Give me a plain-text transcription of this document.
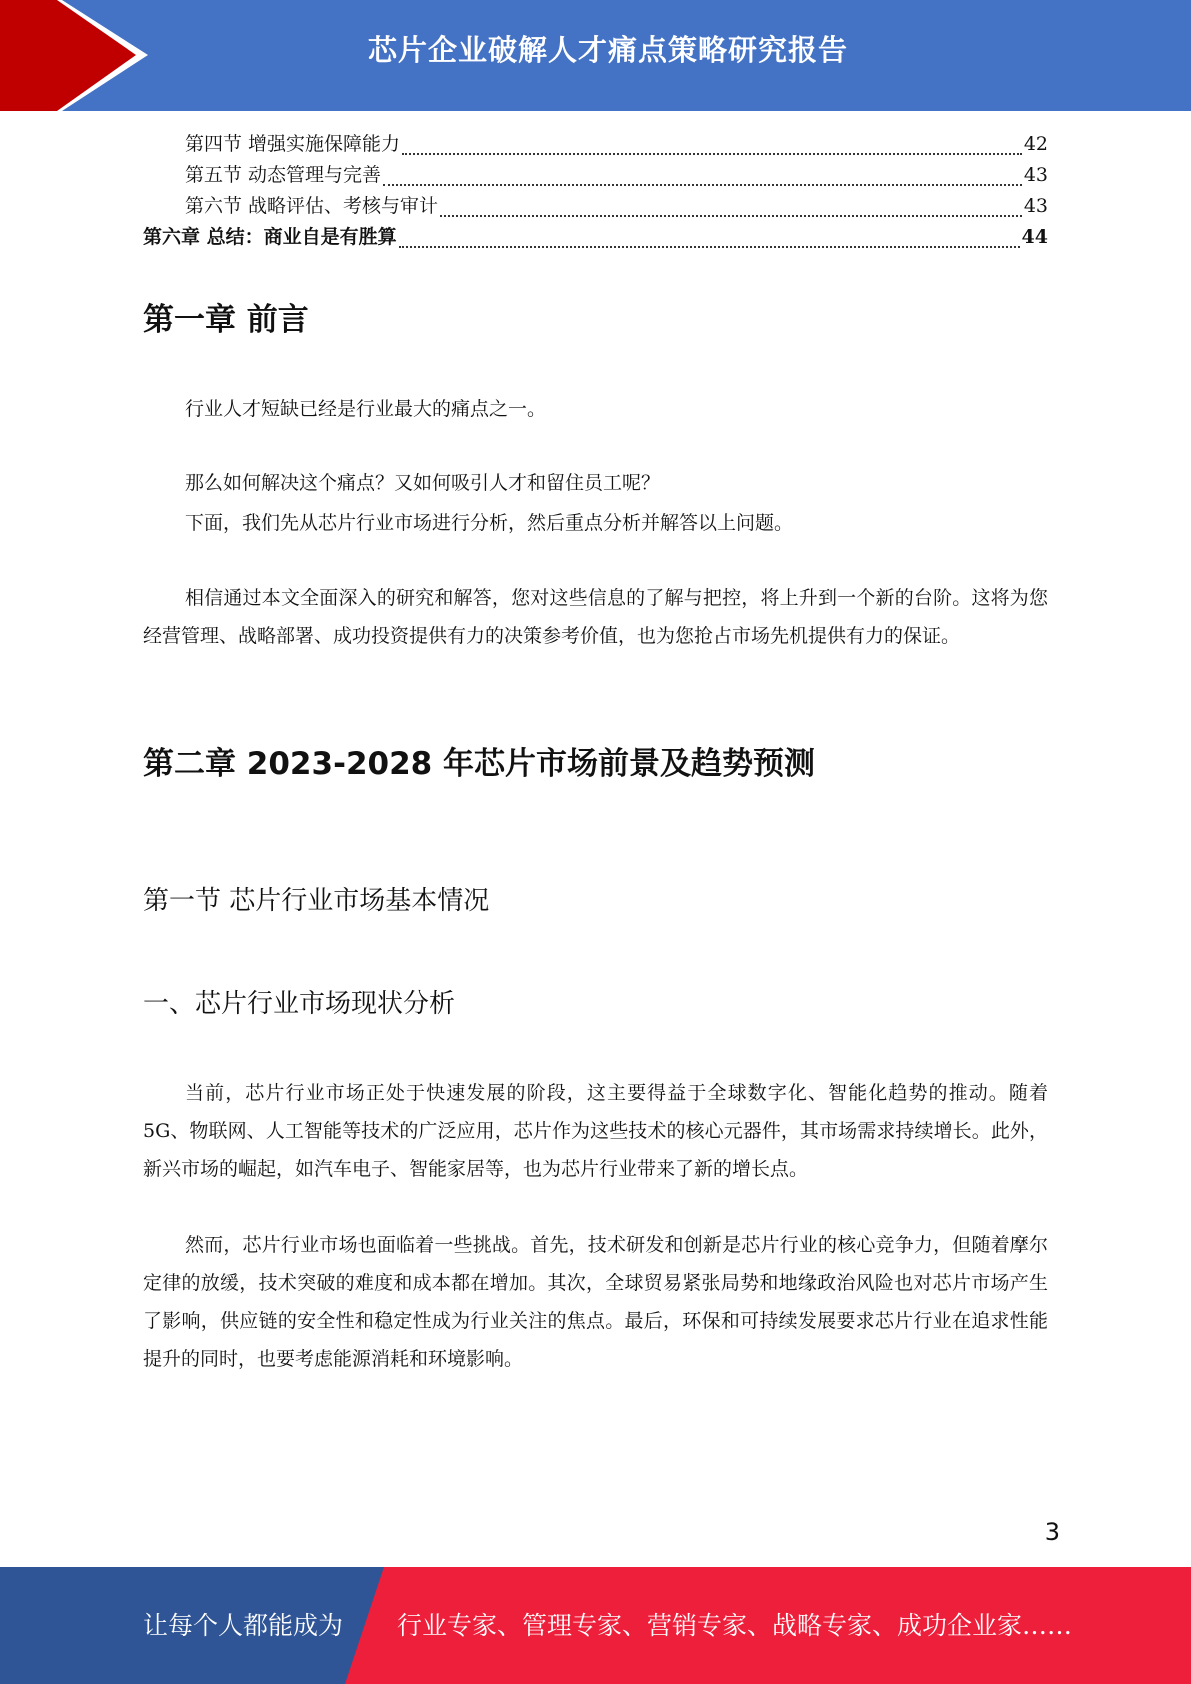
芯片企业破解人才痛点策略研究报告
第四节 增强实施保障能力	42
第五节 动态管理与完善	43
第六节 战略评估、考核与审计	43
第六章 总结：商业自是有胜算	44
第一章 前言
行业人才短缺已经是行业最大的痛点之一。
那么如何解决这个痛点？又如何吸引人才和留住员工呢？
下面，我们先从芯片行业市场进行分析，然后重点分析并解答以上问题。
相信通过本文全面深入的研究和解答，您对这些信息的了解与把控，将上升到一个新的台阶。这将为您经营管理、战略部署、成功投资提供有力的决策参考价值，也为您抢占市场先机提供有力的保证。
第二章 2023-2028 年芯片市场前景及趋势预测
第一节 芯片行业市场基本情况
一、芯片行业市场现状分析
当前，芯片行业市场正处于快速发展的阶段，这主要得益于全球数字化、智能化趋势的推动。随着 5G、物联网、人工智能等技术的广泛应用，芯片作为这些技术的核心元器件，其市场需求持续增长。此外，新兴市场的崛起，如汽车电子、智能家居等，也为芯片行业带来了新的增长点。
然而，芯片行业市场也面临着一些挑战。首先，技术研发和创新是芯片行业的核心竞争力，但随着摩尔定律的放缓，技术突破的难度和成本都在增加。其次，全球贸易紧张局势和地缘政治风险也对芯片市场产生了影响，供应链的安全性和稳定性成为行业关注的焦点。最后，环保和可持续发展要求芯片行业在追求性能提升的同时，也要考虑能源消耗和环境影响。
3
让每个人都能成为 行业专家、管理专家、营销专家、战略专家、成功企业家……
